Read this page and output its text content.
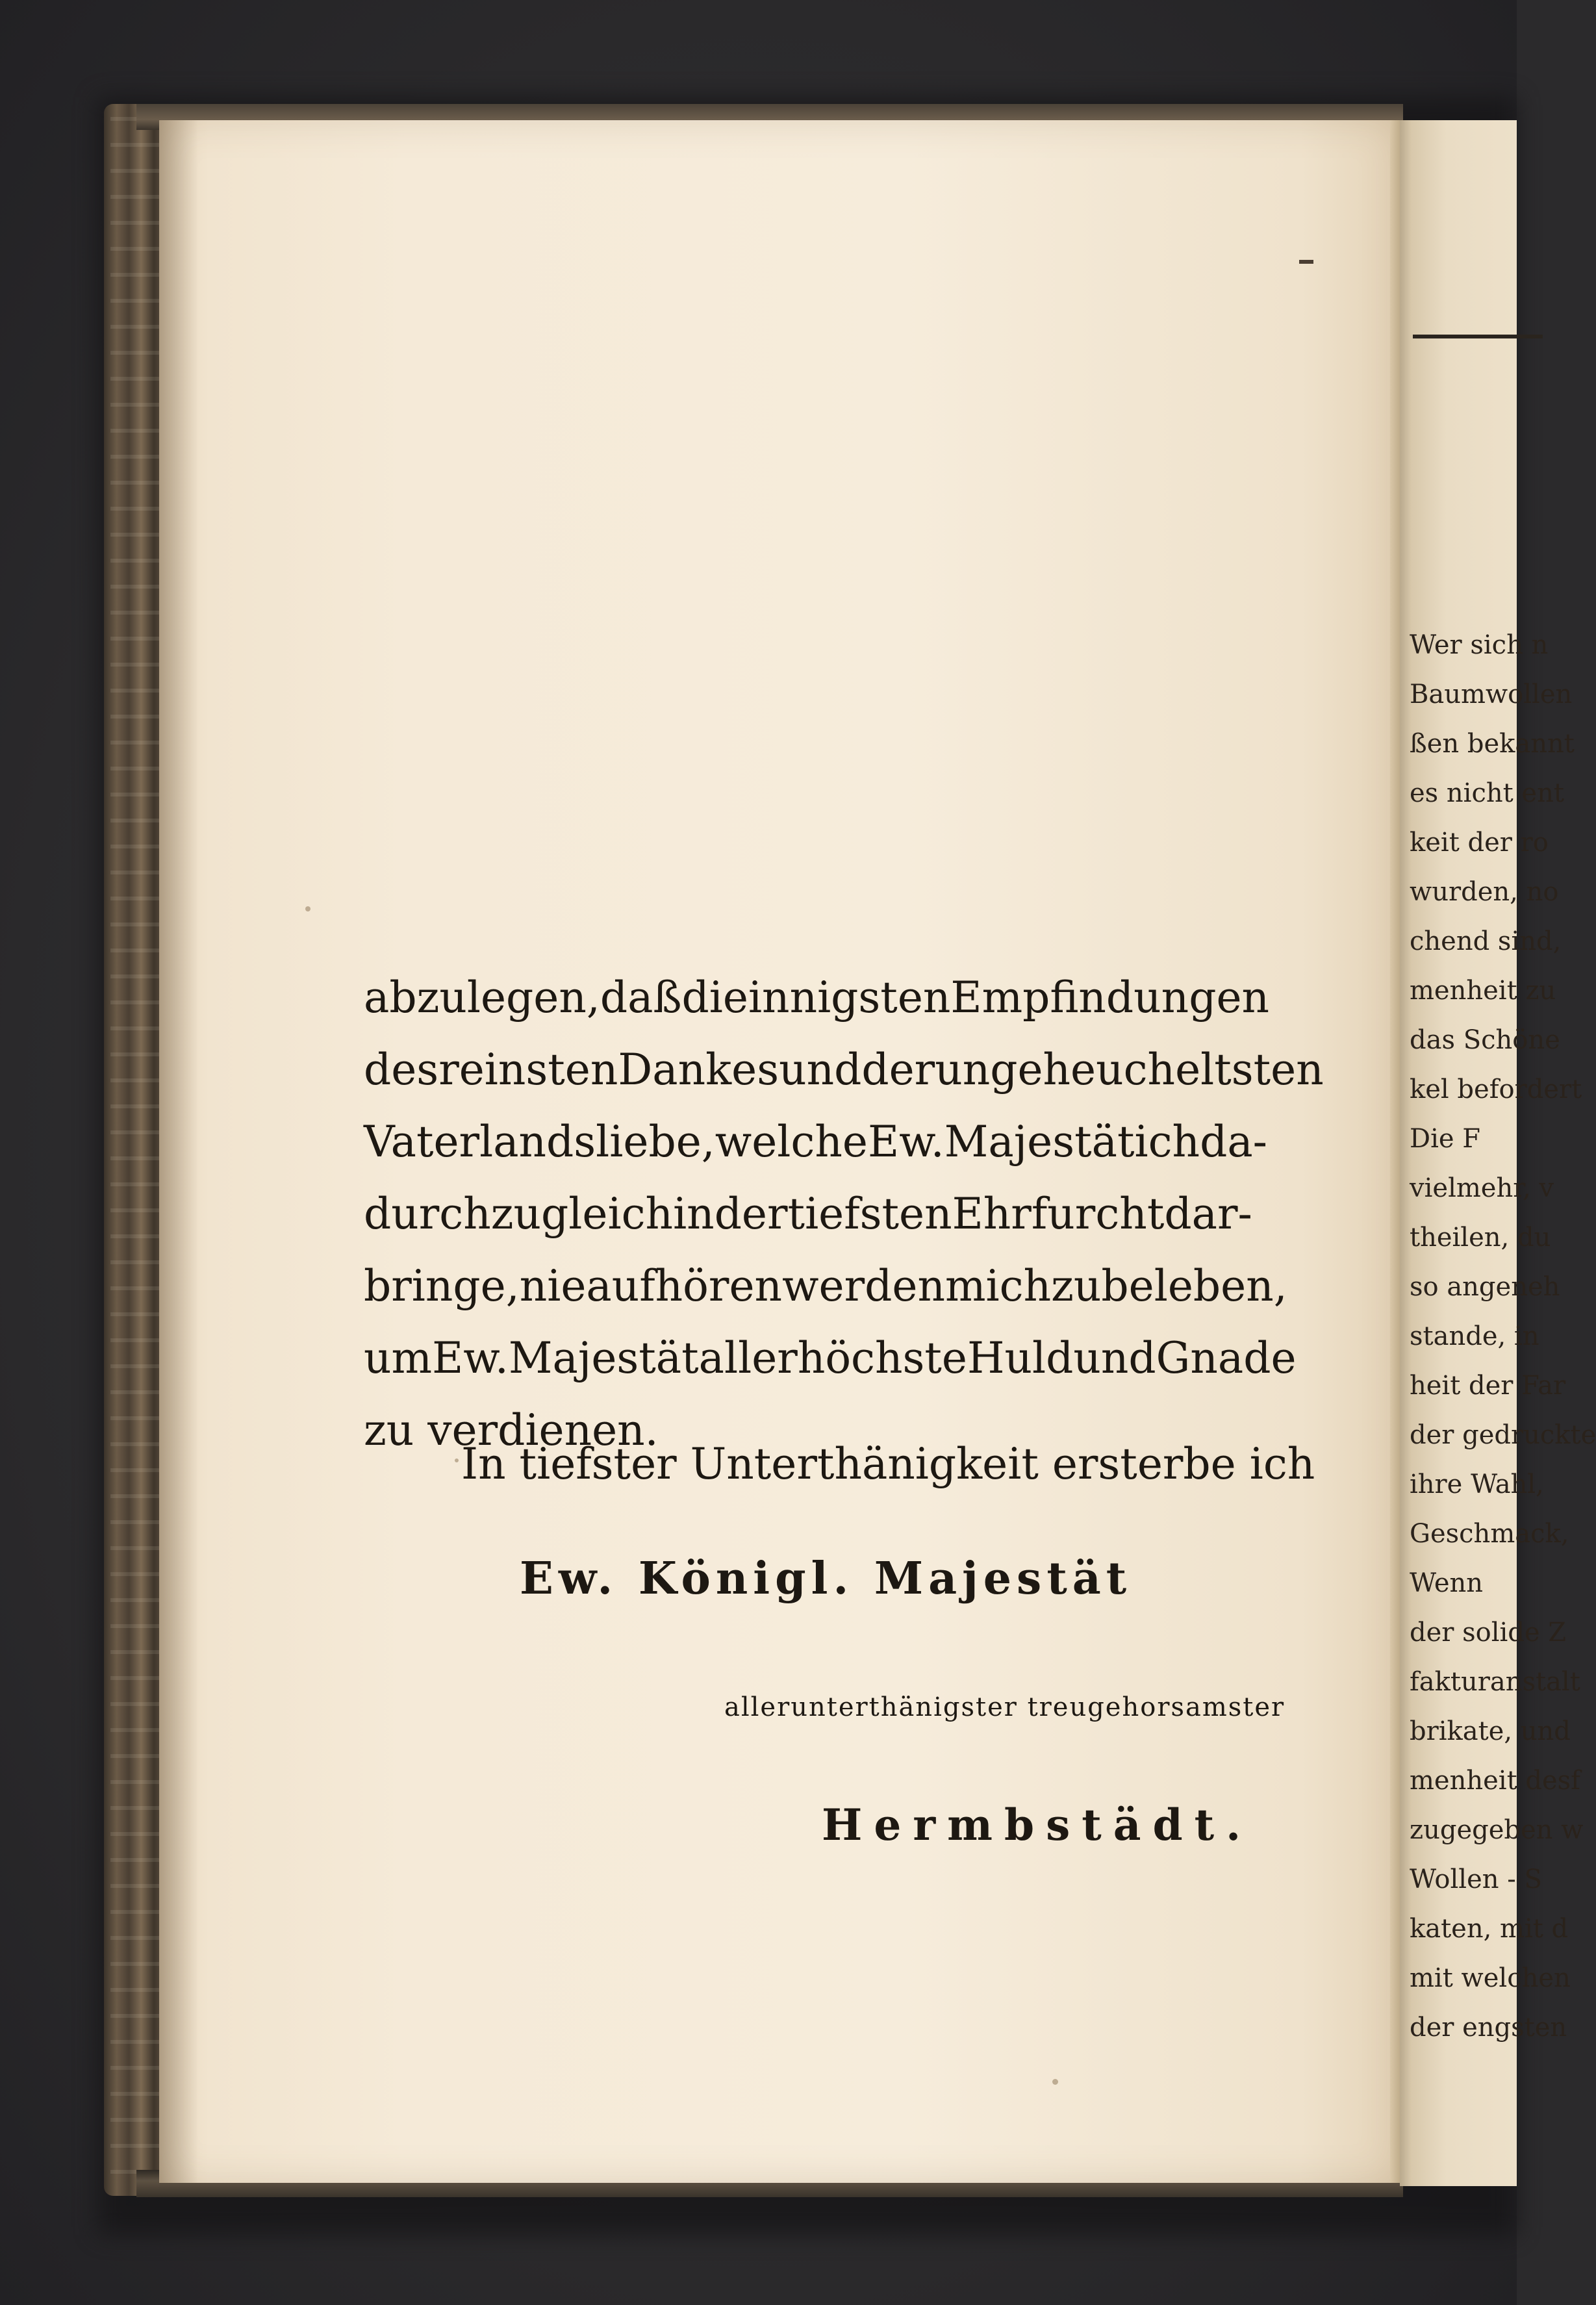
abzulegen, daß die innigsten Empfindungen
des reinsten Dankes und der ungeheucheltsten
Vaterlandsliebe, welche Ew. Majestät ich da-
durch zugleich in der tiefsten Ehrfurcht dar-
bringe, nie aufhören werden mich zu beleben,
um Ew. Majestät allerhöchste Huld und Gnade
zu verdienen.
In tiefster Unterthänigkeit ersterbe ich
Ew. Königl. Majestät
allerunterthänigster treugehorsamster
Hermbstädt.
Wer sich n
Baumwollen
ßen bekannt
es nicht ent
keit der ro
wurden, no
chend sind,
menheit zu
das Schöne
kel befordert
Die F
vielmehr, v
theilen, du
so angeneh
stande, in
heit der Far
der gedruckte
ihre Wahl,
Geschmack,
Wenn
der solide Z
fakturanstalt
brikate, und
menheit desf
zugegeben w
Wollen - S
katen, mit d
mit welchen
der engsten
